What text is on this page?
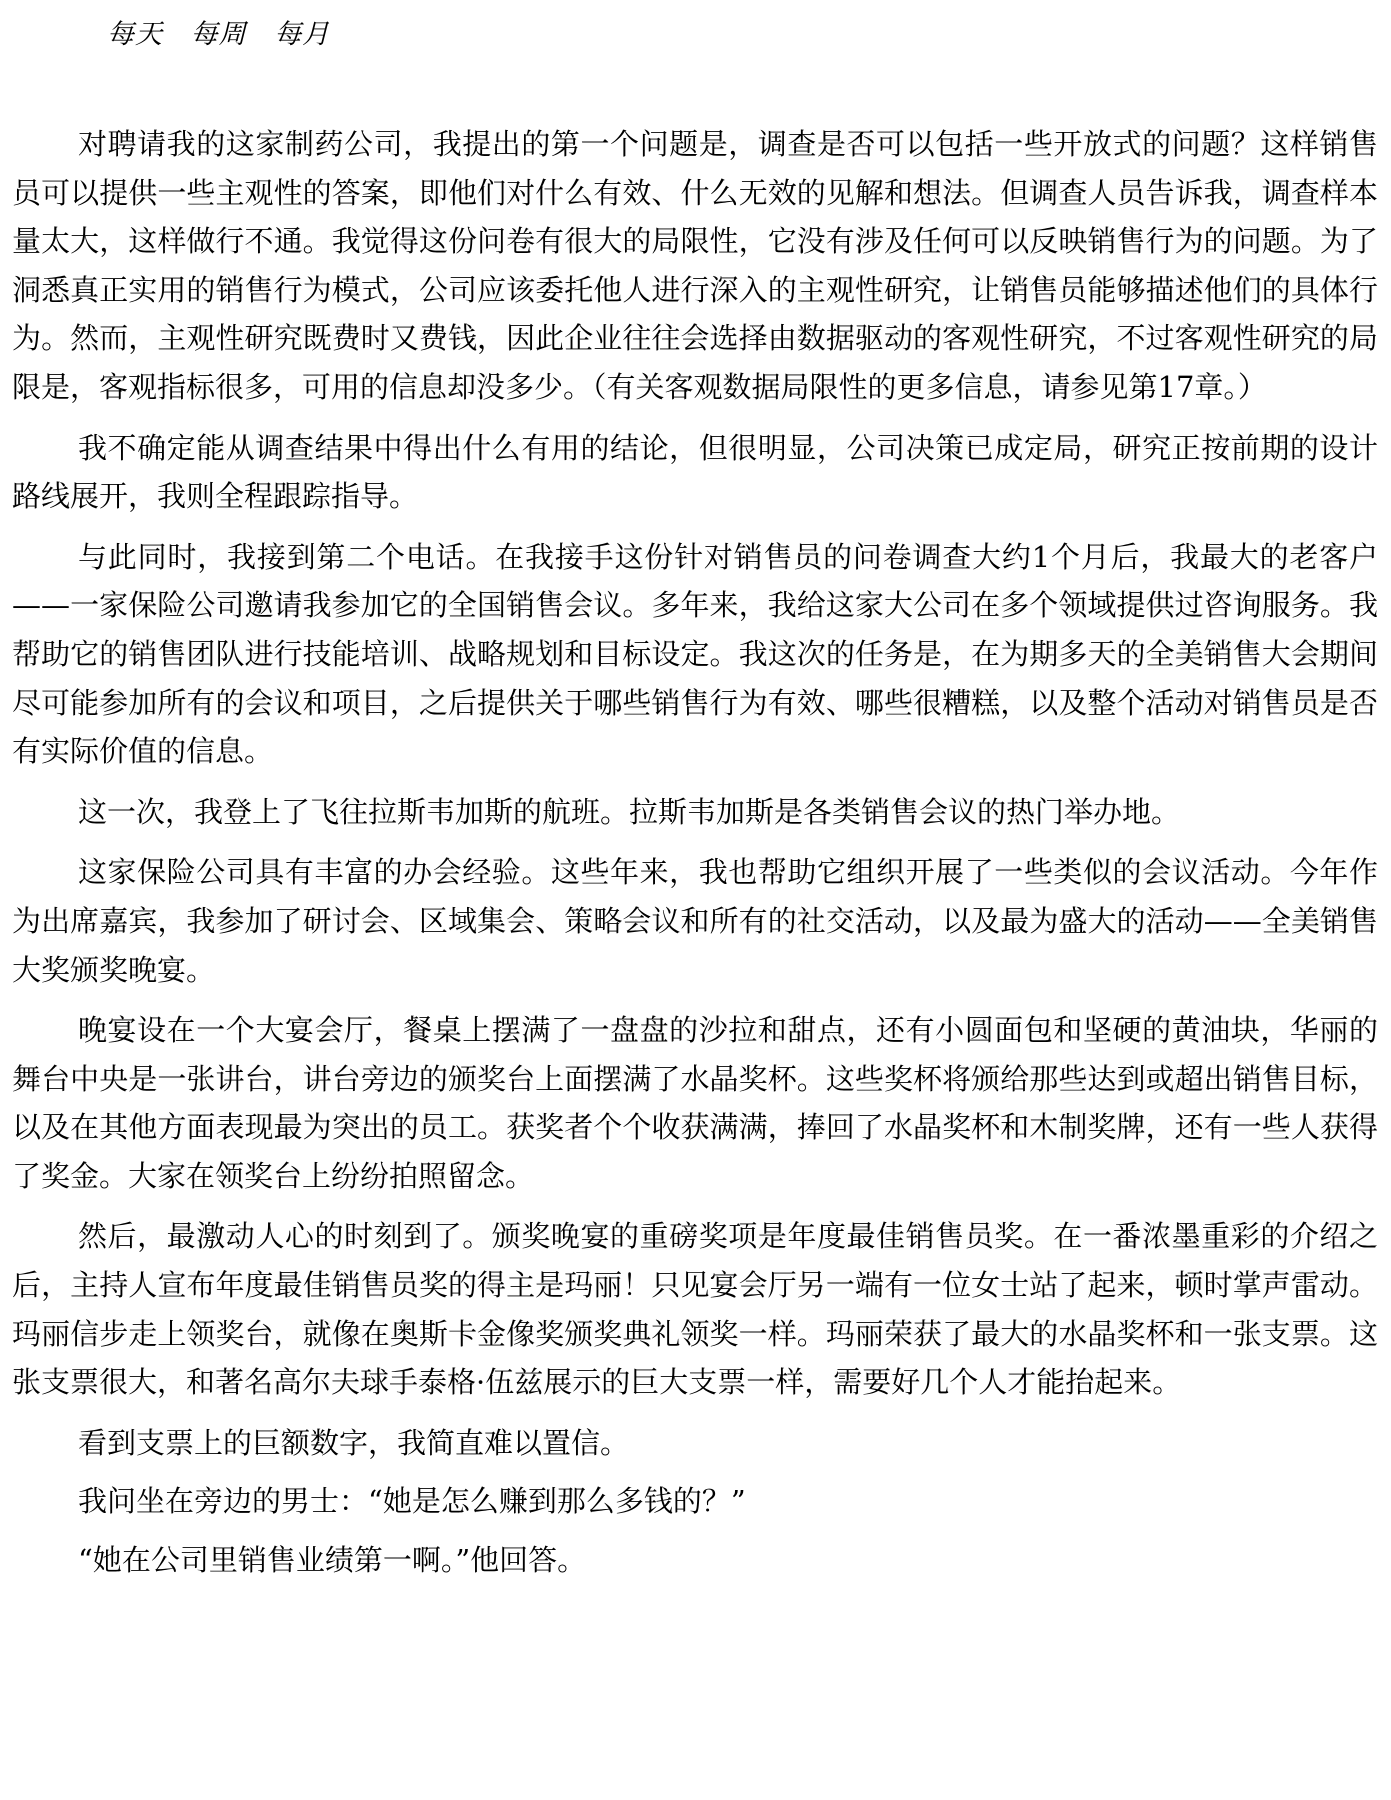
每天 每周 每月

对聘请我的这家制药公司，我提出的第一个问题是，调查是否可以包括一些开放式的问题？这样销售员可以提供一些主观性的答案，即他们对什么有效、什么无效的见解和想法。但调查人员告诉我，调查样本量太大，这样做行不通。我觉得这份问卷有很大的局限性，它没有涉及任何可以反映销售行为的问题。为了洞悉真正实用的销售行为模式，公司应该委托他人进行深入的主观性研究，让销售员能够描述他们的具体行为。然而，主观性研究既费时又费钱，因此企业往往会选择由数据驱动的客观性研究，不过客观性研究的局限是，客观指标很多，可用的信息却没多少。（有关客观数据局限性的更多信息，请参见第17章。）

我不确定能从调查结果中得出什么有用的结论，但很明显，公司决策已成定局，研究正按前期的设计路线展开，我则全程跟踪指导。

与此同时，我接到第二个电话。在我接手这份针对销售员的问卷调查大约1个月后，我最大的老客户——一家保险公司邀请我参加它的全国销售会议。多年来，我给这家大公司在多个领域提供过咨询服务。我帮助它的销售团队进行技能培训、战略规划和目标设定。我这次的任务是，在为期多天的全美销售大会期间尽可能参加所有的会议和项目，之后提供关于哪些销售行为有效、哪些很糟糕，以及整个活动对销售员是否有实际价值的信息。

这一次，我登上了飞往拉斯韦加斯的航班。拉斯韦加斯是各类销售会议的热门举办地。

这家保险公司具有丰富的办会经验。这些年来，我也帮助它组织开展了一些类似的会议活动。今年作为出席嘉宾，我参加了研讨会、区域集会、策略会议和所有的社交活动，以及最为盛大的活动——全美销售大奖颁奖晚宴。

晚宴设在一个大宴会厅，餐桌上摆满了一盘盘的沙拉和甜点，还有小圆面包和坚硬的黄油块，华丽的舞台中央是一张讲台，讲台旁边的颁奖台上面摆满了水晶奖杯。这些奖杯将颁给那些达到或超出销售目标，以及在其他方面表现最为突出的员工。获奖者个个收获满满，捧回了水晶奖杯和木制奖牌，还有一些人获得了奖金。大家在领奖台上纷纷拍照留念。

然后，最激动人心的时刻到了。颁奖晚宴的重磅奖项是年度最佳销售员奖。在一番浓墨重彩的介绍之后，主持人宣布年度最佳销售员奖的得主是玛丽！只见宴会厅另一端有一位女士站了起来，顿时掌声雷动。玛丽信步走上领奖台，就像在奥斯卡金像奖颁奖典礼领奖一样。玛丽荣获了最大的水晶奖杯和一张支票。这张支票很大，和著名高尔夫球手泰格·伍兹展示的巨大支票一样，需要好几个人才能抬起来。

看到支票上的巨额数字，我简直难以置信。

我问坐在旁边的男士：“她是怎么赚到那么多钱的？”

“她在公司里销售业绩第一啊。”他回答。
